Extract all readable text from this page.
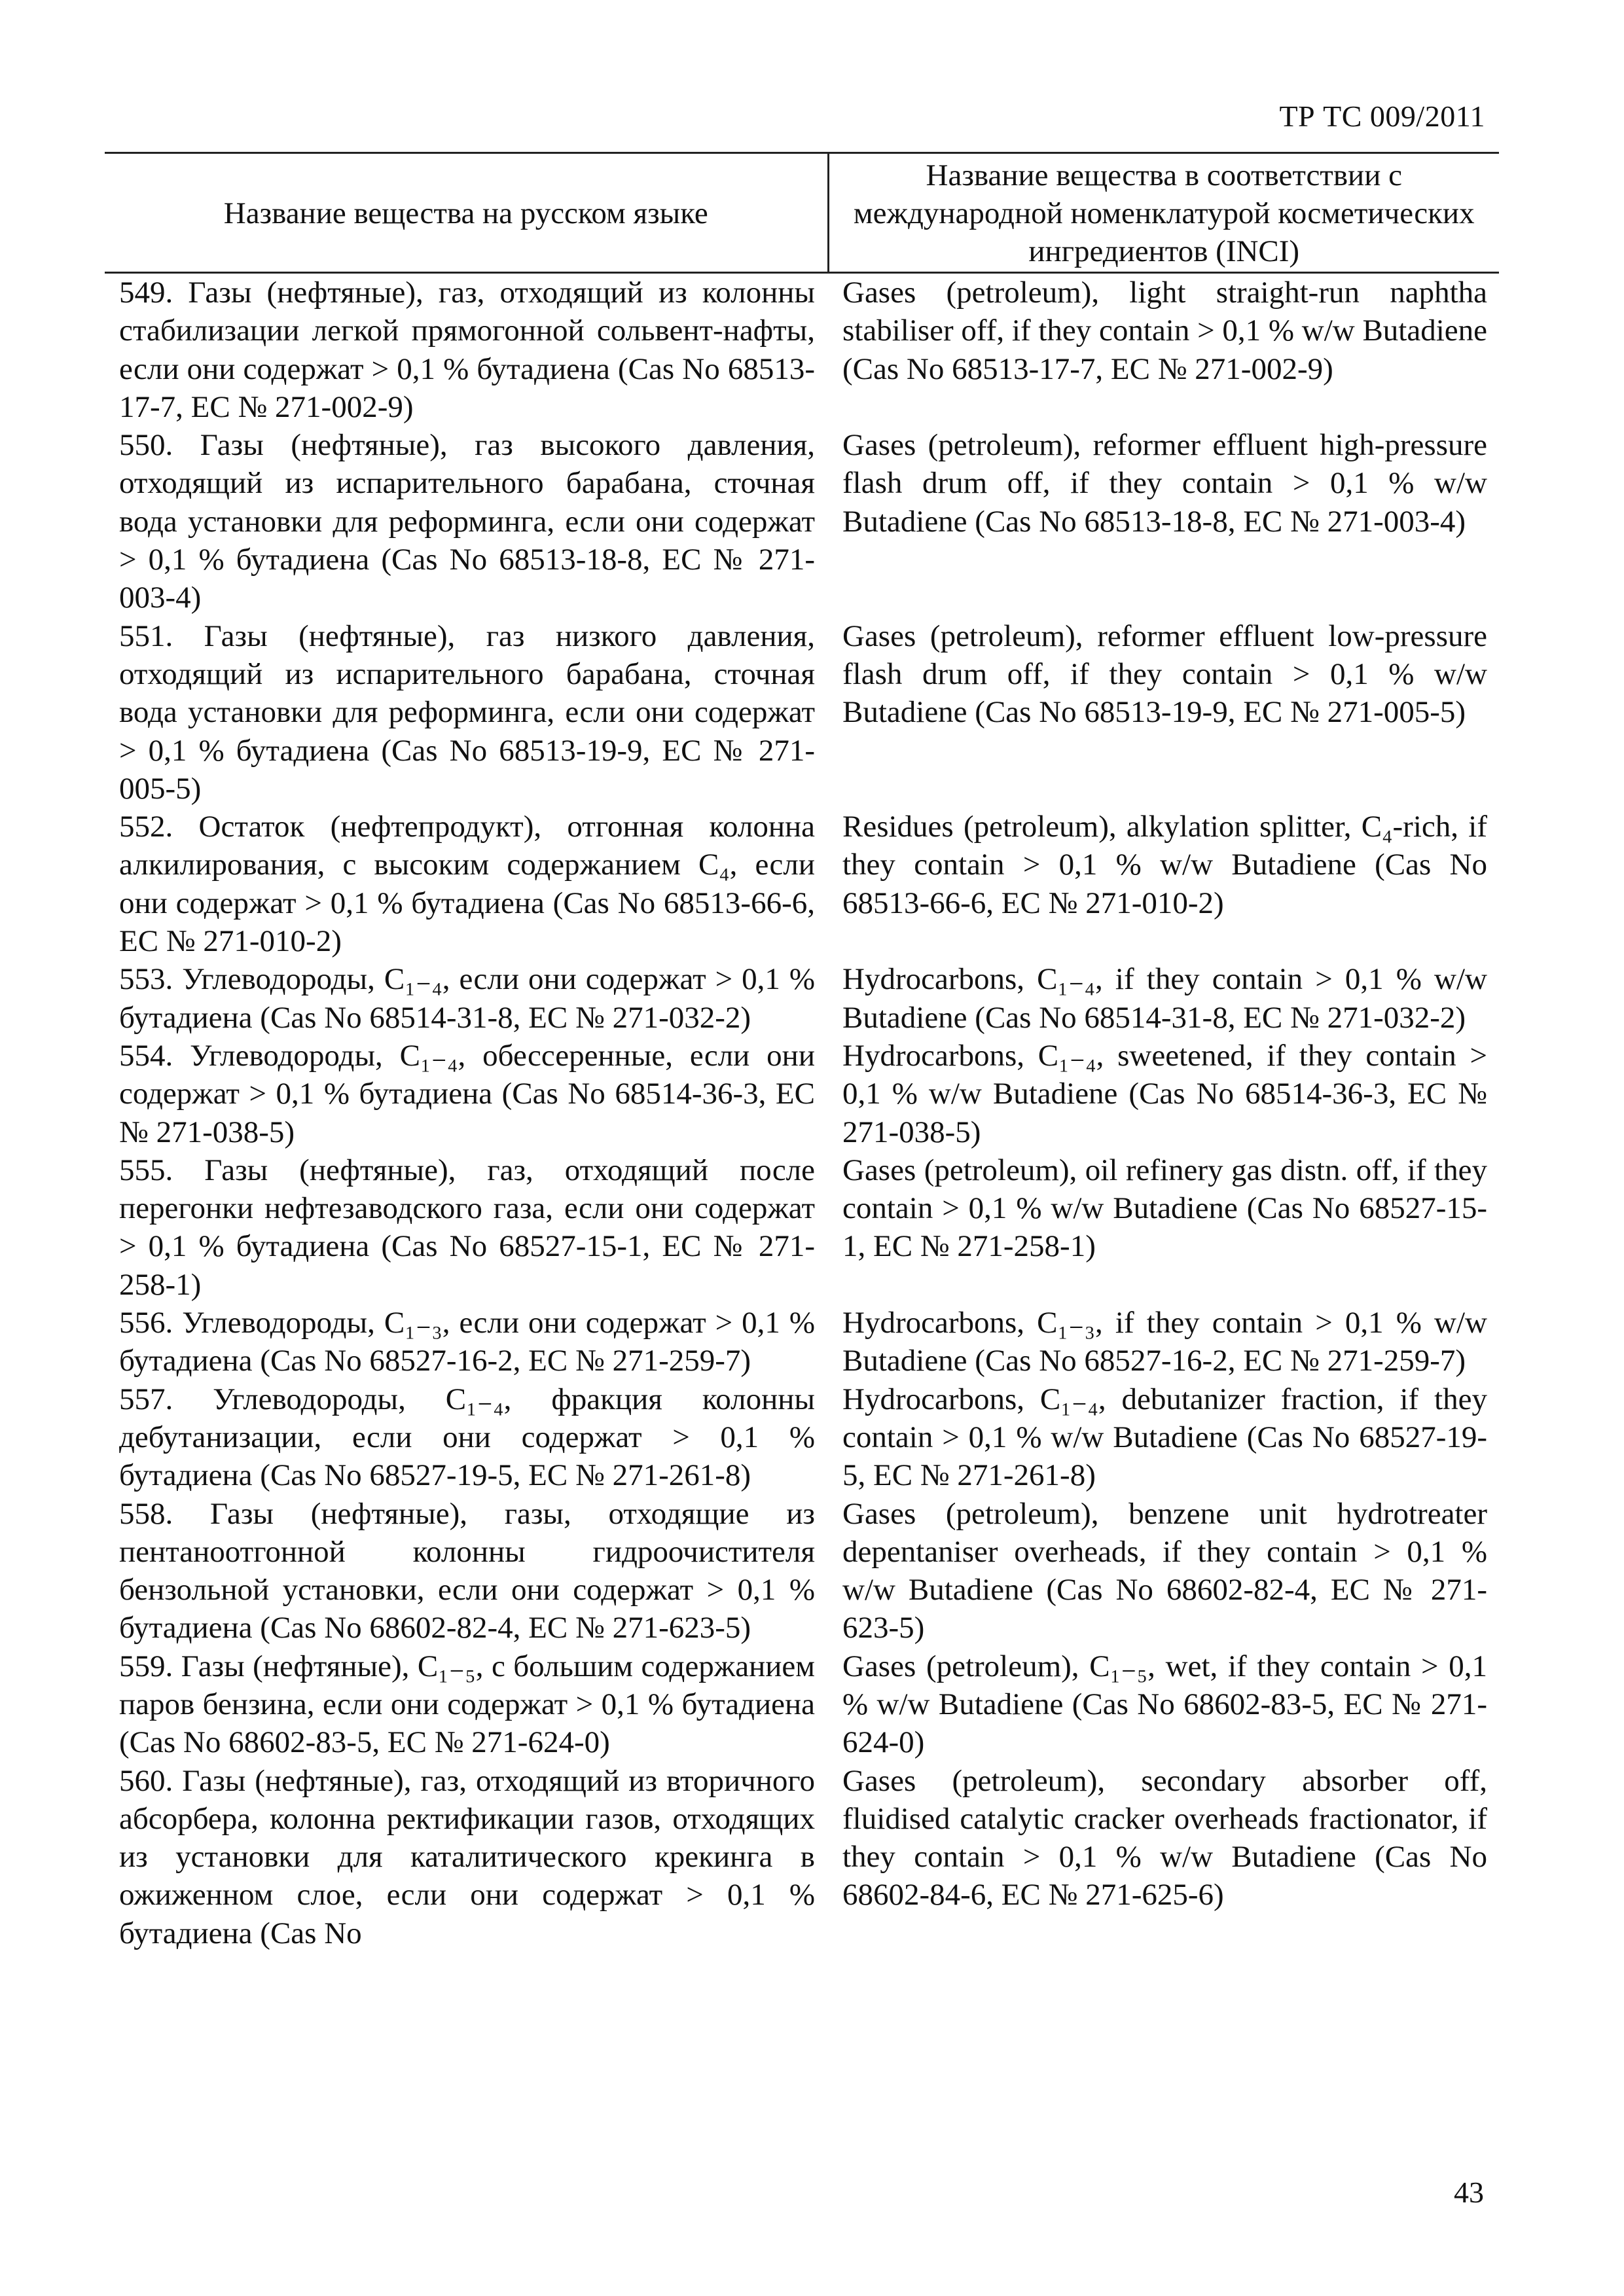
ТР ТС 009/2011
Название вещества на русском языке	Название вещества в соответствии с международной номенклатурой косметических ингредиентов (INCI)
549. Газы (нефтяные), газ, отходящий из колонны стабилизации легкой прямогонной сольвент-нафты, если они содержат > 0,1 % бутадиена (Cas No 68513-17-7, ЕС № 271-002-9)	Gases (petroleum), light straight-run naphtha stabiliser off, if they contain > 0,1 % w/w Butadiene (Cas No 68513-17-7, ЕС № 271-002-9)
550. Газы (нефтяные), газ высокого давления, отходящий из испарительного барабана, сточная вода установки для реформинга, если они содержат > 0,1 % бутадиена (Cas No 68513-18-8, ЕС № 271-003-4)	Gases (petroleum), reformer effluent high-pressure flash drum off, if they contain > 0,1 % w/w Butadiene (Cas No 68513-18-8, ЕС № 271-003-4)
551. Газы (нефтяные), газ низкого давления, отходящий из испарительного барабана, сточная вода установки для реформинга, если они содержат > 0,1 % бутадиена (Cas No 68513-19-9, ЕС № 271-005-5)	Gases (petroleum), reformer effluent low-pressure flash drum off, if they contain > 0,1 % w/w Butadiene (Cas No 68513-19-9, ЕС № 271-005-5)
552. Остаток (нефтепродукт), отгонная колонна алкилирования, с высоким содержанием С₄, если они содержат > 0,1 % бутадиена (Cas No 68513-66-6, ЕС № 271-010-2)	Residues (petroleum), alkylation splitter, C₄-rich, if they contain > 0,1 % w/w Butadiene (Cas No 68513-66-6, ЕС № 271-010-2)
553. Углеводороды, С₁₋₄, если они содержат > 0,1 % бутадиена (Cas No 68514-31-8, ЕС № 271-032-2)	Hydrocarbons, C₁₋₄, if they contain > 0,1 % w/w Butadiene (Cas No 68514-31-8, ЕС № 271-032-2)
554. Углеводороды, С₁₋₄, обессеренные, если они содержат > 0,1 % бутадиена (Cas No 68514-36-3, ЕС № 271-038-5)	Hydrocarbons, C₁₋₄, sweetened, if they contain > 0,1 % w/w Butadiene (Cas No 68514-36-3, ЕС № 271-038-5)
555. Газы (нефтяные), газ, отходящий после перегонки нефтезаводского газа, если они содержат > 0,1 % бутадиена (Cas No 68527-15-1, ЕС № 271-258-1)	Gases (petroleum), oil refinery gas distn. off, if they contain > 0,1 % w/w Butadiene (Cas No 68527-15-1, ЕС № 271-258-1)
556. Углеводороды, С₁₋₃, если они содержат > 0,1 % бутадиена (Cas No 68527-16-2, ЕС № 271-259-7)	Hydrocarbons, C₁₋₃, if they contain > 0,1 % w/w Butadiene (Cas No 68527-16-2, ЕС № 271-259-7)
557. Углеводороды, С₁₋₄, фракция колонны дебутанизации, если они содержат > 0,1 % бутадиена (Cas No 68527-19-5, ЕС № 271-261-8)	Hydrocarbons, C₁₋₄, debutanizer fraction, if they contain > 0,1 % w/w Butadiene (Cas No 68527-19-5, ЕС № 271-261-8)
558. Газы (нефтяные), газы, отходящие из пентаноотгонной колонны гидроочистителя бензольной установки, если они содержат > 0,1 % бутадиена (Cas No 68602-82-4, ЕС № 271-623-5)	Gases (petroleum), benzene unit hydrotreater depentaniser overheads, if they contain > 0,1 % w/w Butadiene (Cas No 68602-82-4, ЕС № 271-623-5)
559. Газы (нефтяные), С₁₋₅, с большим содержанием паров бензина, если они содержат > 0,1 % бутадиена (Cas No 68602-83-5, ЕС № 271-624-0)	Gases (petroleum), C₁₋₅, wet, if they contain > 0,1 % w/w Butadiene (Cas No 68602-83-5, ЕС № 271-624-0)
560. Газы (нефтяные), газ, отходящий из вторичного абсорбера, колонна ректификации газов, отходящих из установки для каталитического крекинга в ожиженном слое, если они содержат > 0,1 % бутадиена (Cas No	Gases (petroleum), secondary absorber off, fluidised catalytic cracker overheads fractionator, if they contain > 0,1 % w/w Butadiene (Cas No 68602-84-6, ЕС № 271-625-6)
43
